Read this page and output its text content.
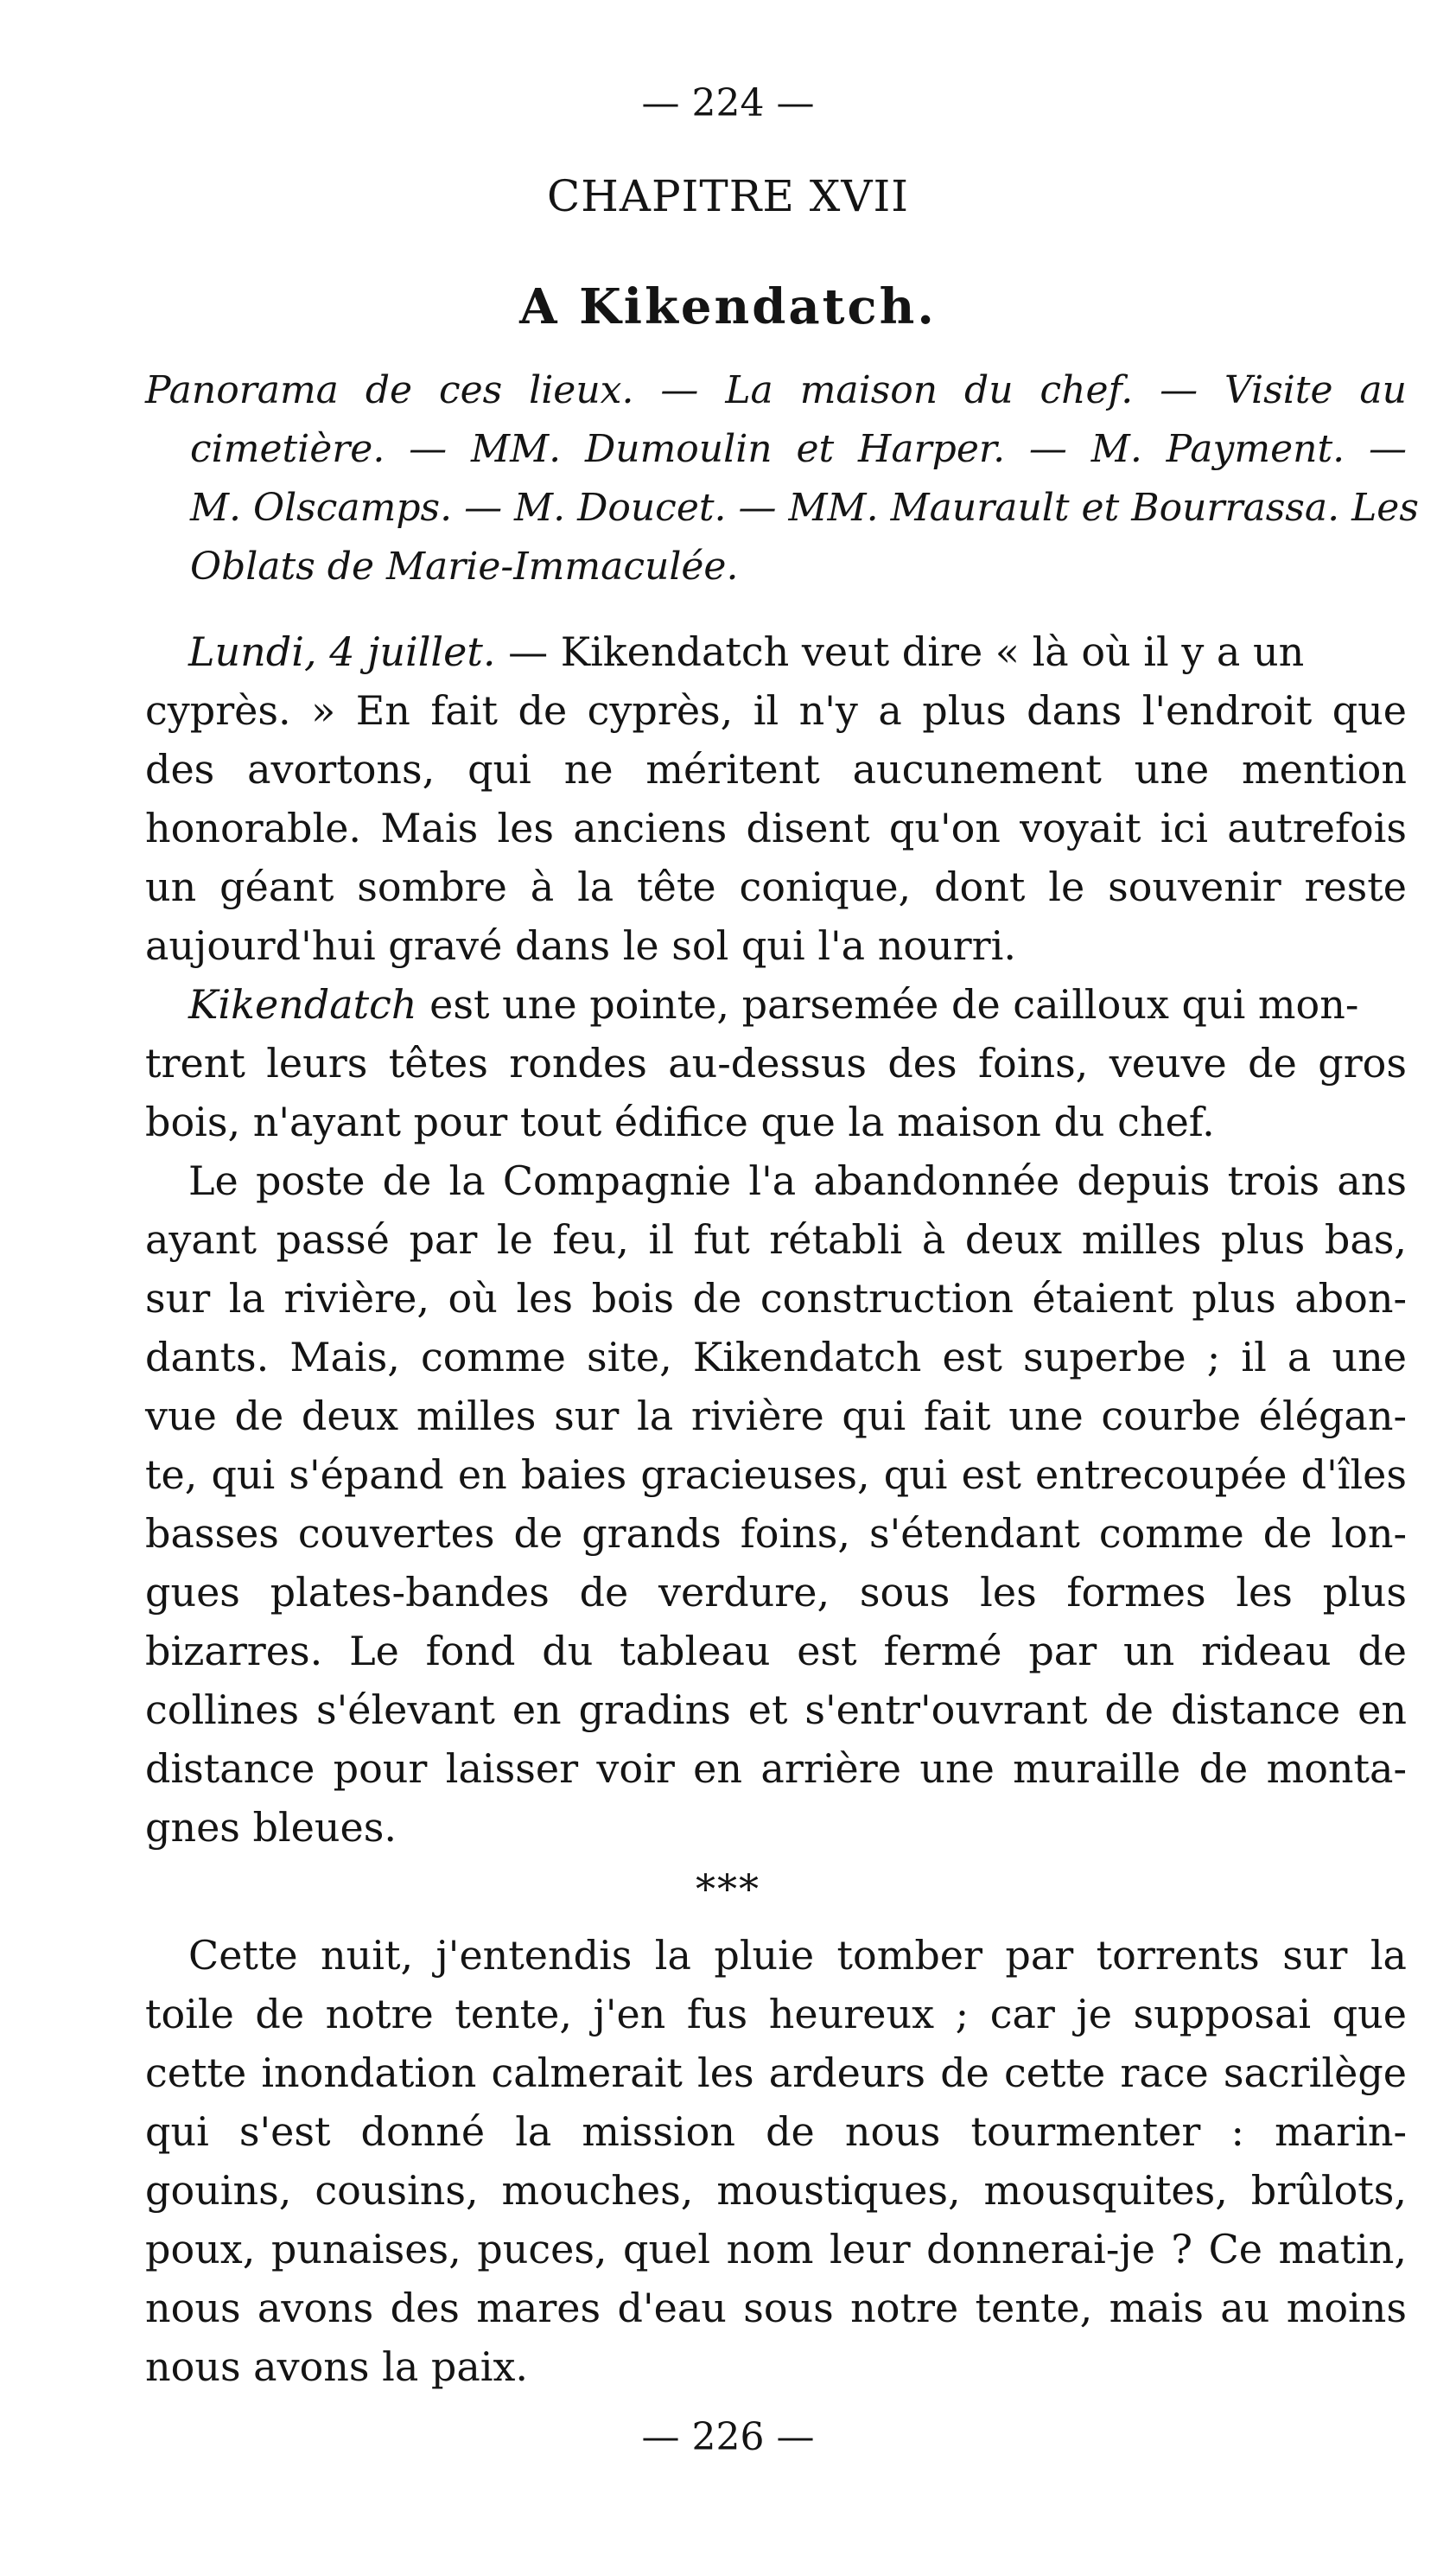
— 224 —
CHAPITRE XVII
A Kikendatch.
Panorama de ces lieux. — La maison du chef. — Visite au
cimetière. — MM. Dumoulin et Harper. — M. Payment. —
M. Olscamps. — M. Doucet. — MM. Maurault et Bourrassa. Les
Oblats de Marie-Immaculée.
Lundi, 4 juillet. — Kikendatch veut dire « là où il y a un
cyprès. » En fait de cyprès, il n'y a plus dans l'endroit que
des avortons, qui ne méritent aucunement une mention
honorable. Mais les anciens disent qu'on voyait ici autrefois
un géant sombre à la tête conique, dont le souvenir reste
aujourd'hui gravé dans le sol qui l'a nourri.
Kikendatch est une pointe, parsemée de cailloux qui mon-
trent leurs têtes rondes au-dessus des foins, veuve de gros
bois, n'ayant pour tout édifice que la maison du chef.
Le poste de la Compagnie l'a abandonnée depuis trois ans
ayant passé par le feu, il fut rétabli à deux milles plus bas,
sur la rivière, où les bois de construction étaient plus abon-
dants. Mais, comme site, Kikendatch est superbe ; il a une
vue de deux milles sur la rivière qui fait une courbe élégan-
te, qui s'épand en baies gracieuses, qui est entrecoupée d'îles
basses couvertes de grands foins, s'étendant comme de lon-
gues plates-bandes de verdure, sous les formes les plus
bizarres. Le fond du tableau est fermé par un rideau de
collines s'élevant en gradins et s'entr'ouvrant de distance en
distance pour laisser voir en arrière une muraille de monta-
gnes bleues.
***
Cette nuit, j'entendis la pluie tomber par torrents sur la
toile de notre tente, j'en fus heureux ; car je supposai que
cette inondation calmerait les ardeurs de cette race sacrilège
qui s'est donné la mission de nous tourmenter : marin-
gouins, cousins, mouches, moustiques, mousquites, brûlots,
poux, punaises, puces, quel nom leur donnerai-je ? Ce matin,
nous avons des mares d'eau sous notre tente, mais au moins
nous avons la paix.
— 226 —
